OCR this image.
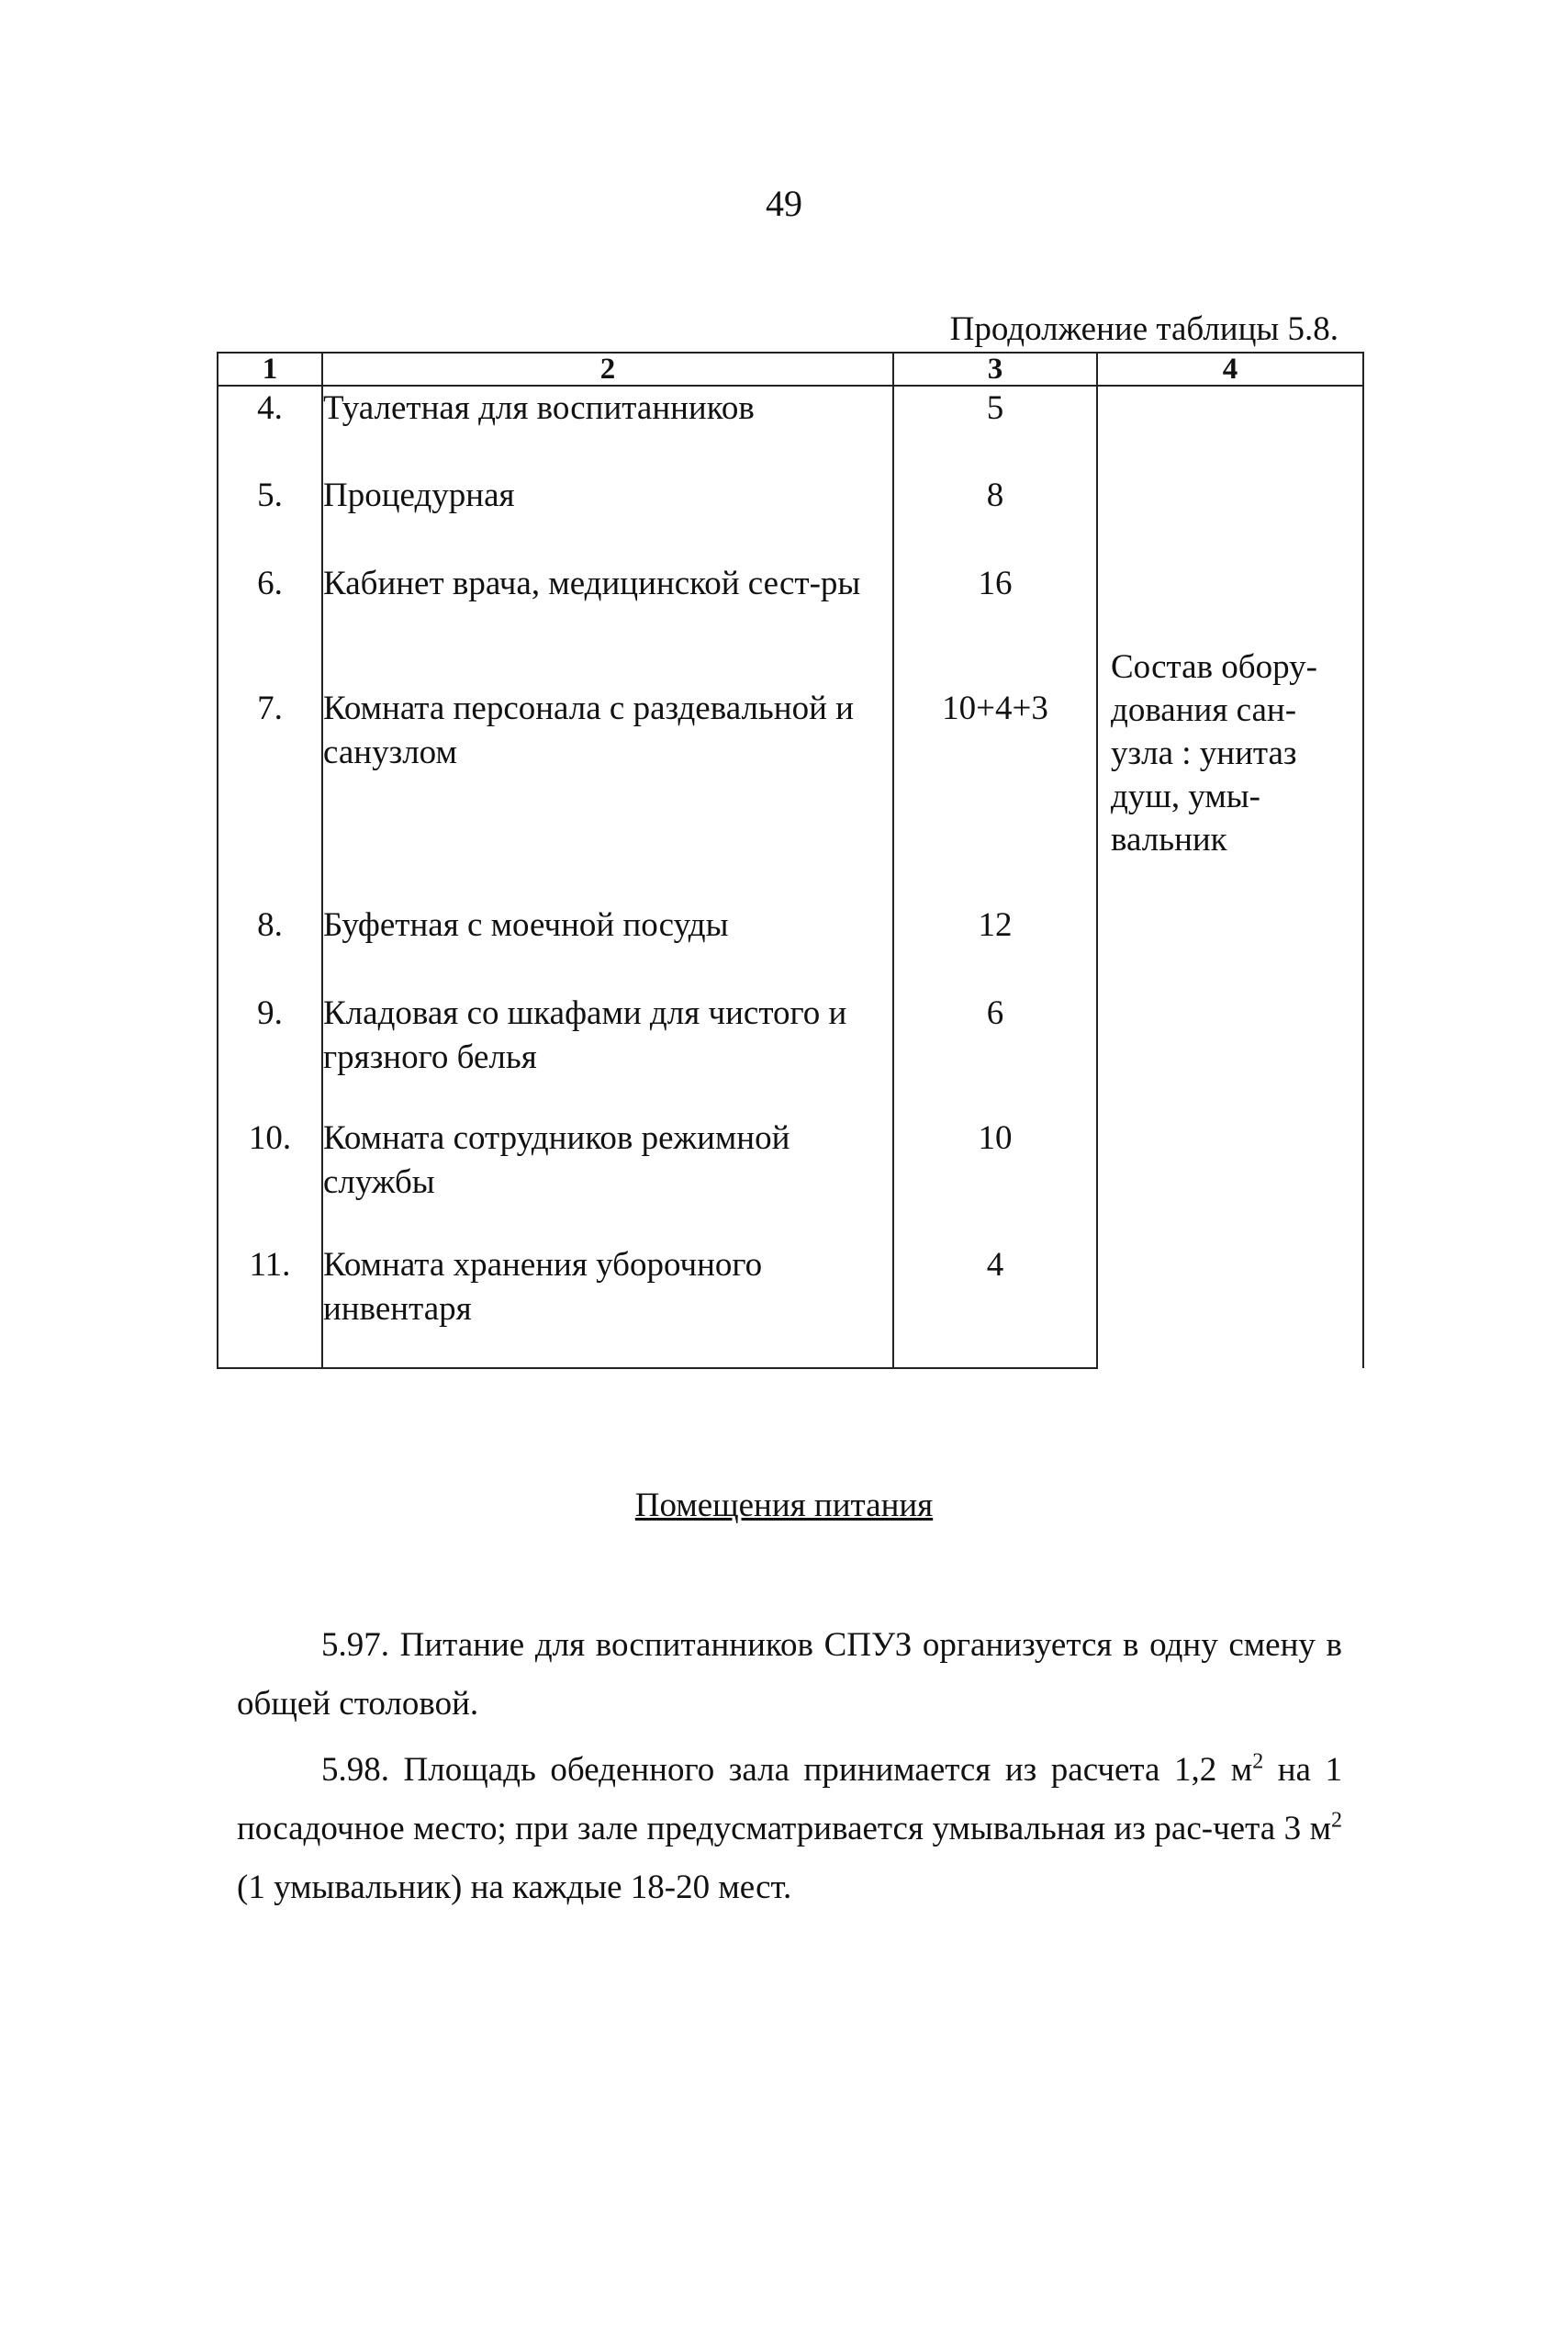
49
Продолжение таблицы 5.8.
1	2	3	4
4.	Туалетная для воспитанников	5	Состав обору-дования сан-узла : унитаз душ, умы-вальник

5.	Процедурная	8	
6.	Кабинет врача, медицинской сест-ры	16	
7.	Комната персонала с раздевальной и санузлом	10+4+3	
8.	Буфетная с моечной посуды	12	
9.	Кладовая со шкафами для чистого и грязного белья	6	
10.	Комната сотрудников режимной службы	10	
11.	Комната хранения уборочного инвентаря	4	
Помещения питания

5.97. Питание для воспитанников СПУЗ организуется в одну смену в общей столовой.

5.98. Площадь обеденного зала принимается из расчета 1,2 $м^2$ на 1 посадочное место; при зале предусматривается умывальная из рас-чета 3 $м^2$ (1 умывальник) на каждые 18-20 мест.
